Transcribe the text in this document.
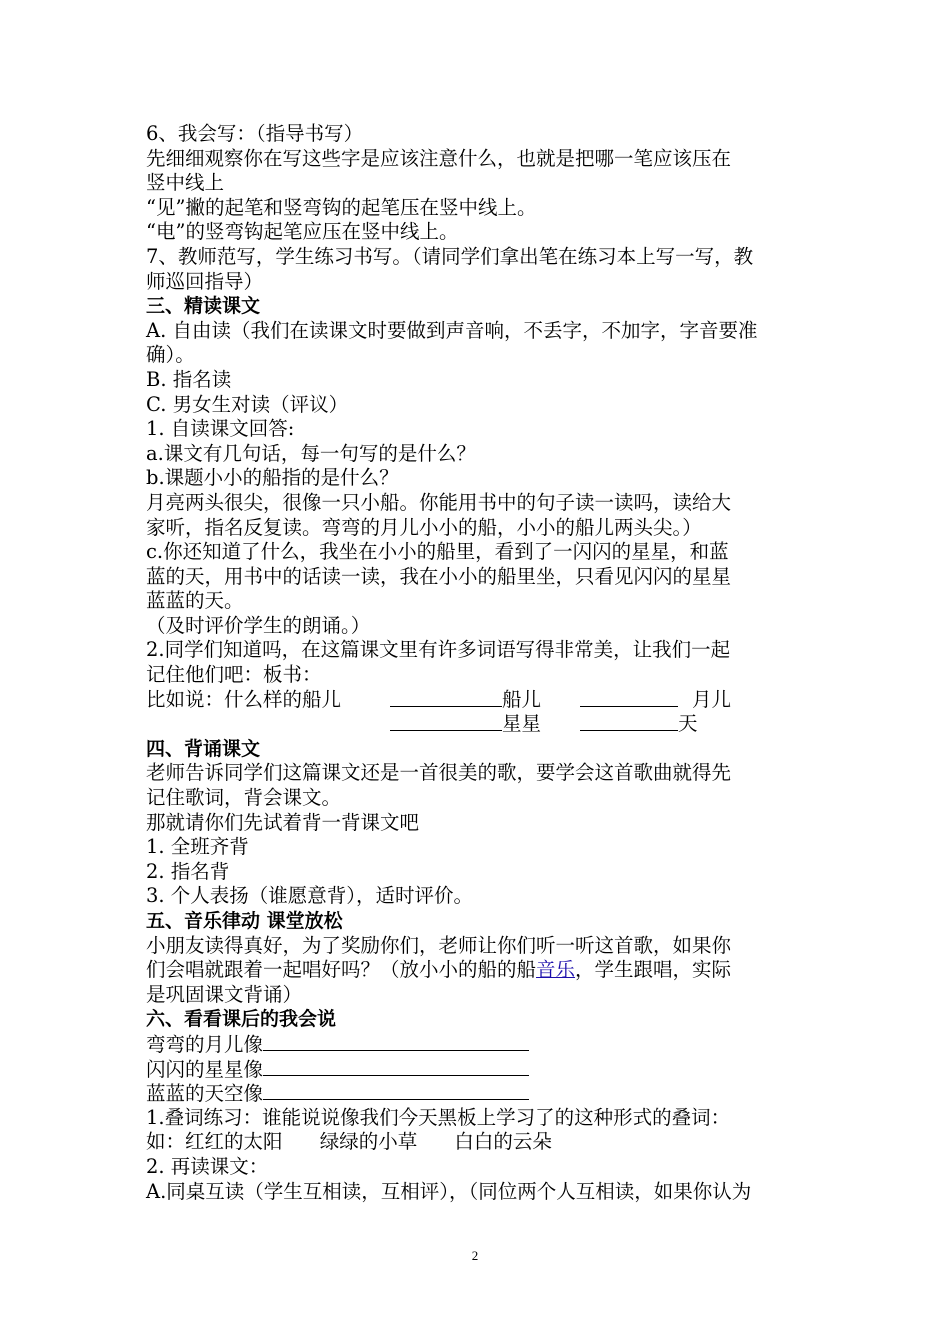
6、我会写：（指导书写）
先细细观察你在写这些字是应该注意什么，也就是把哪一笔应该压在
竖中线上
“见”撇的起笔和竖弯钩的起笔压在竖中线上。
“电”的竖弯钩起笔应压在竖中线上。
7、教师范写，学生练习书写。（请同学们拿出笔在练习本上写一写，教
师巡回指导）
三、精读课文
A. 自由读（我们在读课文时要做到声音响，不丢字，不加字，字音要准
确）。
B. 指名读
C. 男女生对读（评议）
1. 自读课文回答:
a.课文有几句话，每一句写的是什么？
b.课题小小的船指的是什么？
月亮两头很尖，很像一只小船。你能用书中的句子读一读吗，读给大
家听，指名反复读。弯弯的月儿小小的船，小小的船儿两头尖。）
c.你还知道了什么，我坐在小小的船里，看到了一闪闪的星星，和蓝
蓝的天，用书中的话读一读，我在小小的船里坐，只看见闪闪的星星
蓝蓝的天。
（及时评价学生的朗诵。）
2.同学们知道吗，在这篇课文里有许多词语写得非常美，让我们一起
记住他们吧：板书：
比如说：什么样的船儿	船儿	月儿
星星	天
四、背诵课文
老师告诉同学们这篇课文还是一首很美的歌，要学会这首歌曲就得先
记住歌词，背会课文。
那就请你们先试着背一背课文吧
1. 全班齐背
2. 指名背
3. 个人表扬（谁愿意背），适时评价。
五、音乐律动 课堂放松
小朋友读得真好，为了奖励你们，老师让你们听一听这首歌，如果你
们会唱就跟着一起唱好吗？（放小小的船的船音乐，学生跟唱，实际
是巩固课文背诵）
六、看看课后的我会说
弯弯的月儿像
闪闪的星星像
蓝蓝的天空像
1.叠词练习：谁能说说像我们今天黑板上学习了的这种形式的叠词：
如：红红的太阳      绿绿的小草      白白的云朵
2. 再读课文：
A.同桌互读（学生互相读，互相评），（同位两个人互相读，如果你认为
2
